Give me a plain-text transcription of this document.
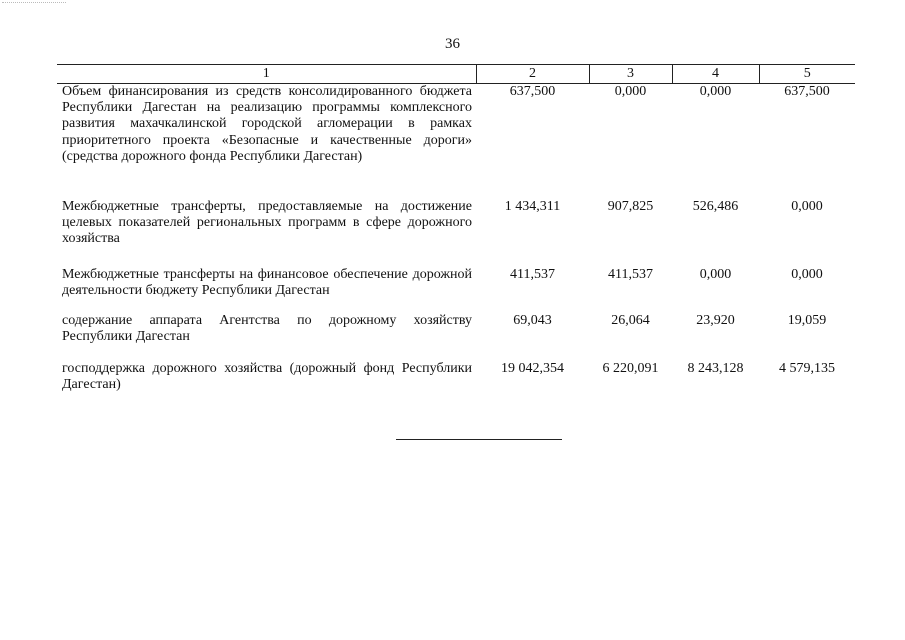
36
1	2	3	4	5
Объем финансирования из средств консолидированного бюджета Республики Дагестан на реализацию программы комплексного развития махачкалинской городской агломерации в рамках приоритетного проекта «Безопасные и качественные дороги» (средства дорожного фонда Республики Дагестан)	637,500	0,000	0,000	637,500
Межбюджетные трансферты, предоставляемые на достижение целевых показателей региональных программ в сфере дорожного хозяйства	1 434,311	907,825	526,486	0,000
Межбюджетные трансферты на финансовое обеспечение дорожной деятельности бюджету Республики Дагестан	411,537	411,537	0,000	0,000
содержание аппарата Агентства по дорожному хозяйству Республики Дагестан	69,043	26,064	23,920	19,059
господдержка дорожного хозяйства (дорожный фонд Республики Дагестан)	19 042,354	6 220,091	8 243,128	4 579,135
